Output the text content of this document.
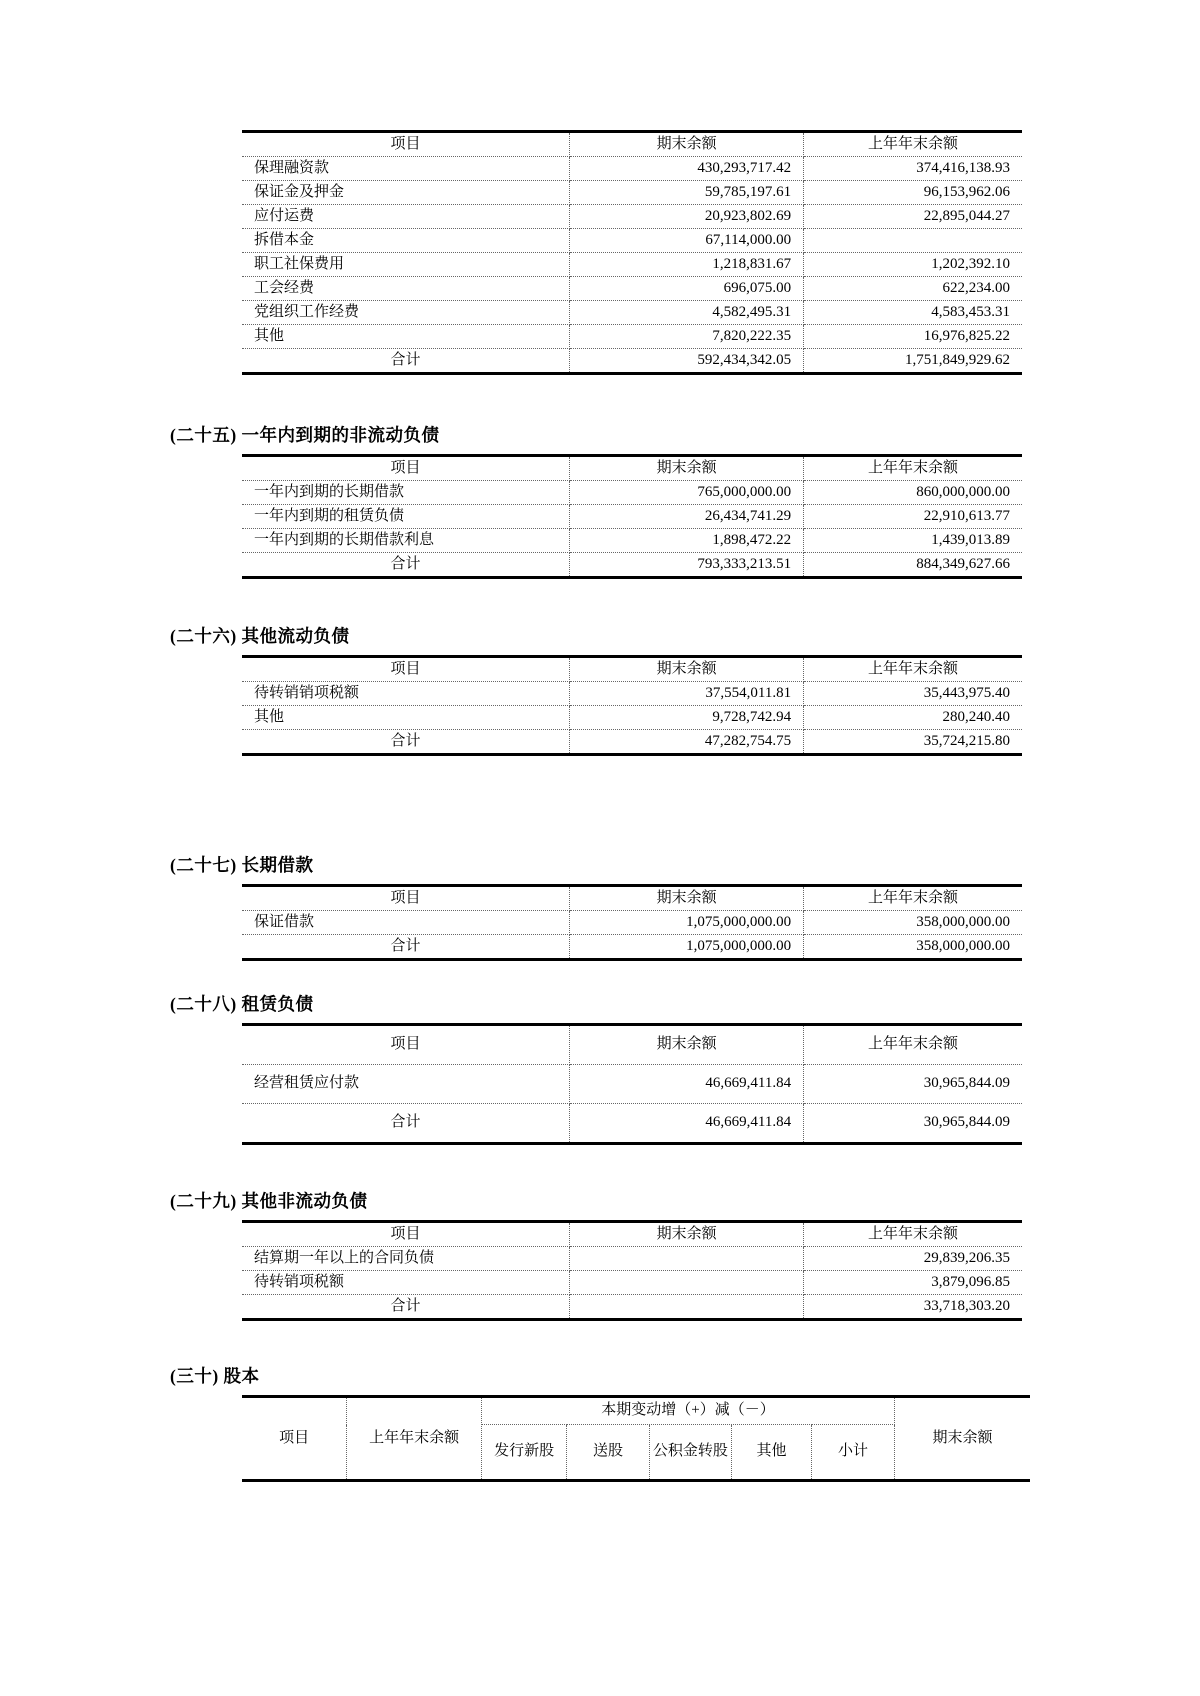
项目	期末余额	上年年末余额
保理融资款	430,293,717.42	374,416,138.93
保证金及押金	59,785,197.61	96,153,962.06
应付运费	20,923,802.69	22,895,044.27
拆借本金	67,114,000.00	
职工社保费用	1,218,831.67	1,202,392.10
工会经费	696,075.00	622,234.00
党组织工作经费	4,582,495.31	4,583,453.31
其他	7,820,222.35	16,976,825.22
合计	592,434,342.05	1,751,849,929.62
(二十五) 一年内到期的非流动负债
项目	期末余额	上年年末余额
一年内到期的长期借款	765,000,000.00	860,000,000.00
一年内到期的租赁负债	26,434,741.29	22,910,613.77
一年内到期的长期借款利息	1,898,472.22	1,439,013.89
合计	793,333,213.51	884,349,627.66
(二十六) 其他流动负债
项目	期末余额	上年年末余额
待转销销项税额	37,554,011.81	35,443,975.40
其他	9,728,742.94	280,240.40
合计	47,282,754.75	35,724,215.80
(二十七) 长期借款
项目	期末余额	上年年末余额
保证借款	1,075,000,000.00	358,000,000.00
合计	1,075,000,000.00	358,000,000.00
(二十八) 租赁负债
项目	期末余额	上年年末余额
经营租赁应付款	46,669,411.84	30,965,844.09
合计	46,669,411.84	30,965,844.09
(二十九) 其他非流动负债
项目	期末余额	上年年末余额
结算期一年以上的合同负债		29,839,206.35
待转销项税额		3,879,096.85
合计		33,718,303.20
(三十) 股本
项目	上年年末余额	本期变动增（+）减（－）					期末余额
		发行新股	送股	公积金转股	其他	小计	
